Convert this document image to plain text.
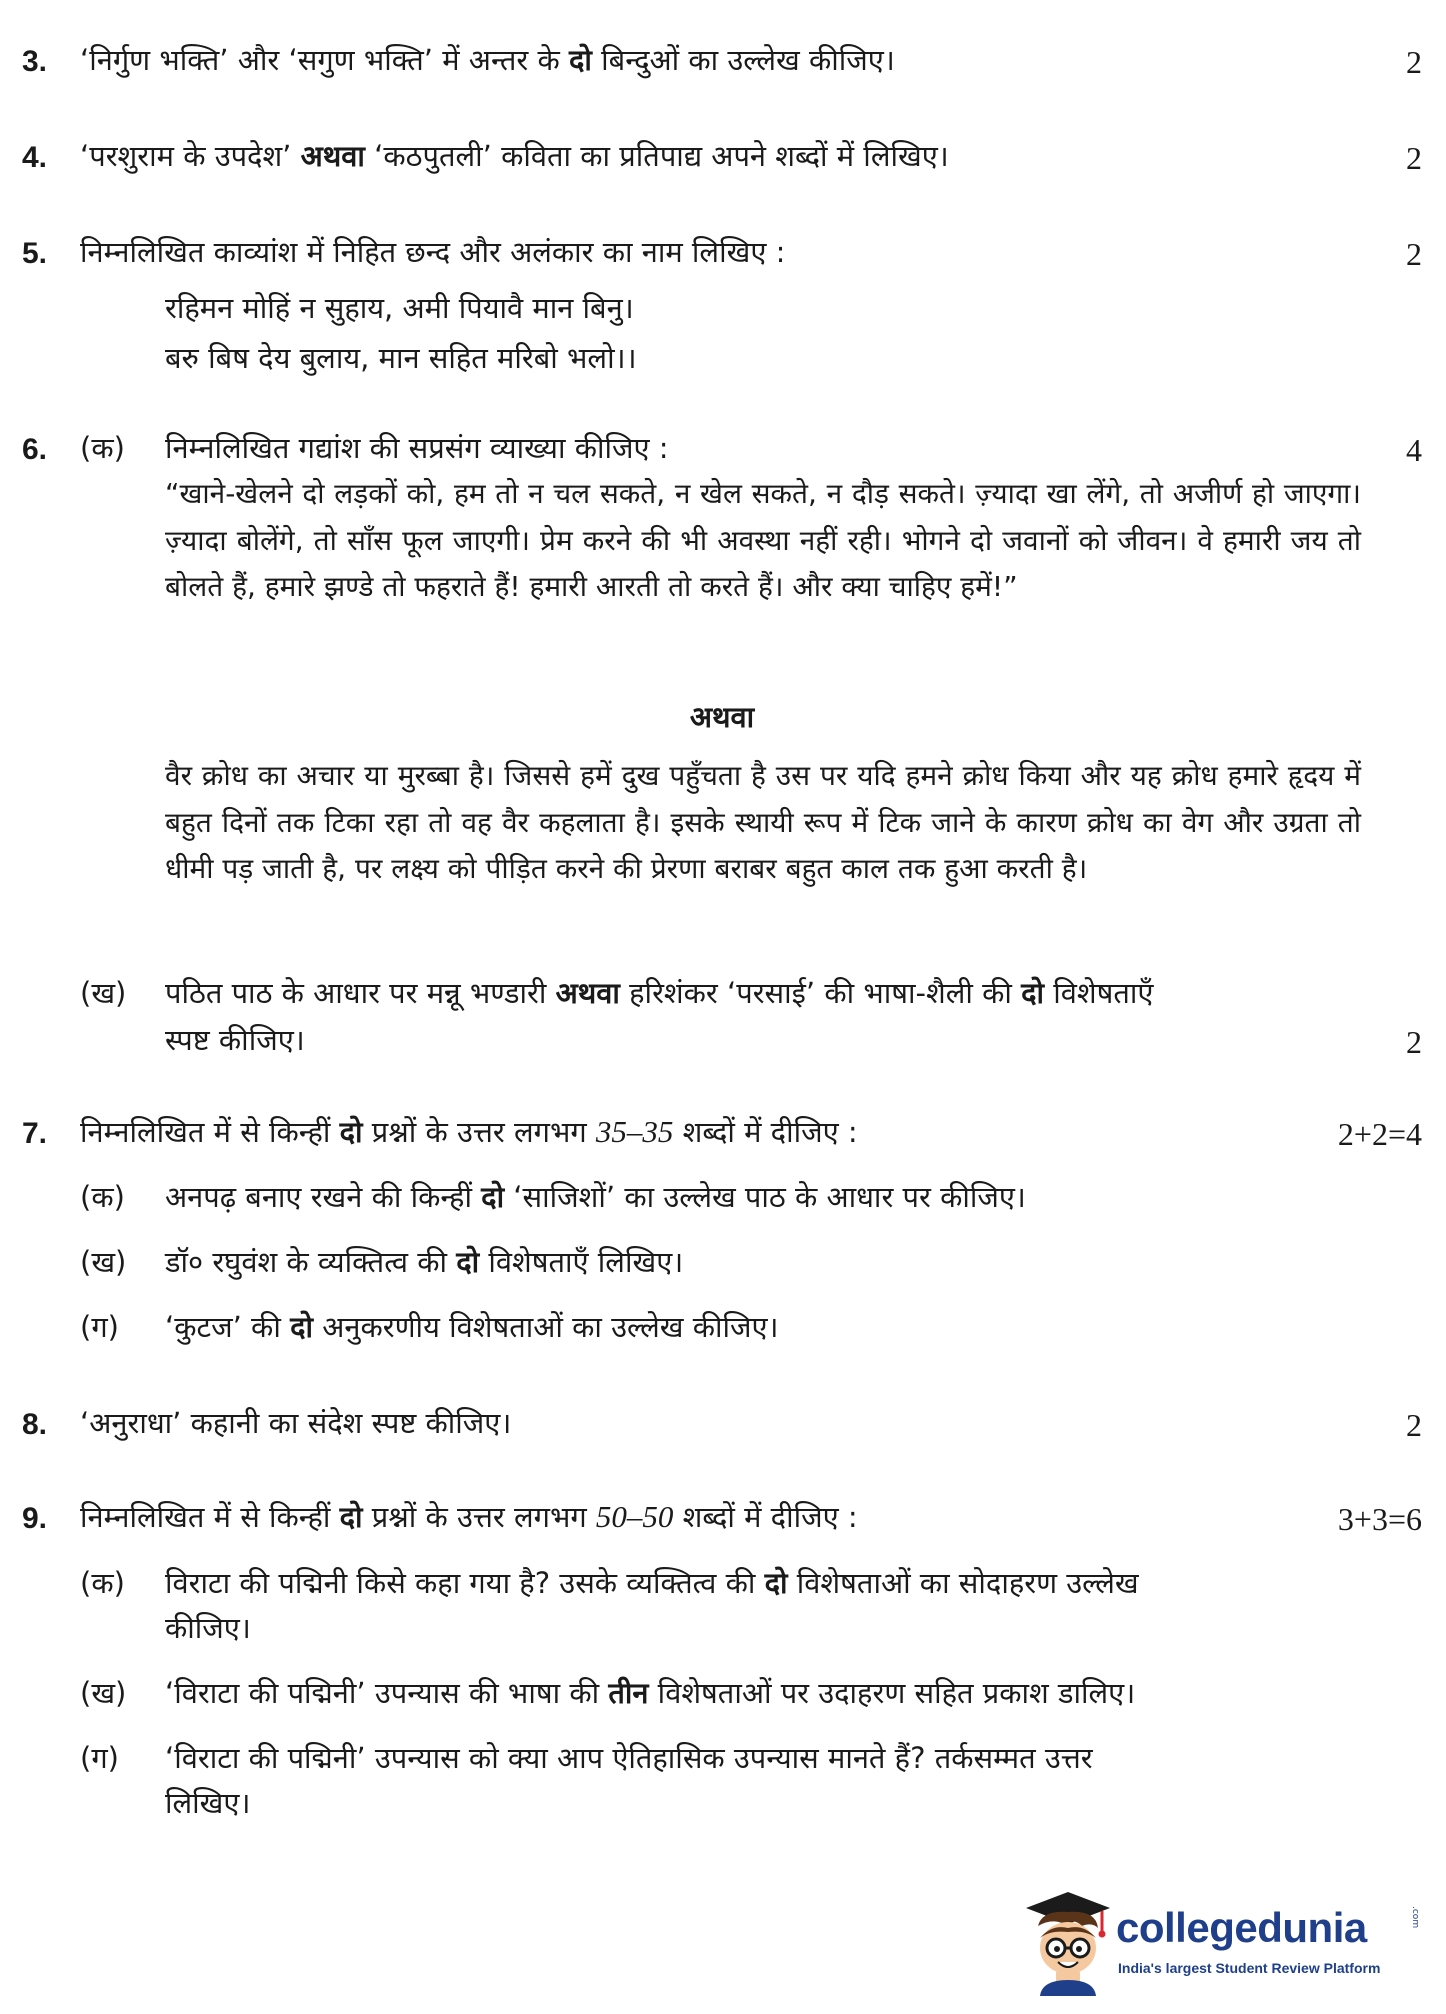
3. ‘निर्गुण भक्ति’ और ‘सगुण भक्ति’ में अन्तर के दो बिन्दुओं का उल्लेख कीजिए।	2
4. ‘परशुराम के उपदेश’ अथवा ‘कठपुतली’ कविता का प्रतिपाद्य अपने शब्दों में लिखिए।	2
5. निम्नलिखित काव्यांश में निहित छन्द और अलंकार का नाम लिखिए :	2
रहिमन मोहिं न सुहाय, अमी पियावै मान बिनु।
बरु बिष देय बुलाय, मान सहित मरिबो भलो।।
6. (क) निम्नलिखित गद्यांश की सप्रसंग व्याख्या कीजिए :	4
“खाने-खेलने दो लड़कों को, हम तो न चल सकते, न खेल सकते, न दौड़ सकते। ज़्यादा खा लेंगे, तो अजीर्ण हो जाएगा। ज़्यादा बोलेंगे, तो साँस फूल जाएगी। प्रेम करने की भी अवस्था नहीं रही। भोगने दो जवानों को जीवन। वे हमारी जय तो बोलते हैं, हमारे झण्डे तो फहराते हैं! हमारी आरती तो करते हैं। और क्या चाहिए हमें!”
अथवा
वैर क्रोध का अचार या मुरब्बा है। जिससे हमें दुख पहुँचता है उस पर यदि हमने क्रोध किया और यह क्रोध हमारे हृदय में बहुत दिनों तक टिका रहा तो वह वैर कहलाता है। इसके स्थायी रूप में टिक जाने के कारण क्रोध का वेग और उग्रता तो धीमी पड़ जाती है, पर लक्ष्य को पीड़ित करने की प्रेरणा बराबर बहुत काल तक हुआ करती है।
(ख) पठित पाठ के आधार पर मन्नू भण्डारी अथवा हरिशंकर ‘परसाई’ की भाषा-शैली की दो विशेषताएँ
स्पष्ट कीजिए।	2
7. निम्नलिखित में से किन्हीं दो प्रश्नों के उत्तर लगभग 35–35 शब्दों में दीजिए :	2+2=4
(क) अनपढ़ बनाए रखने की किन्हीं दो ‘साजिशों’ का उल्लेख पाठ के आधार पर कीजिए।
(ख) डॉ० रघुवंश के व्यक्तित्व की दो विशेषताएँ लिखिए।
(ग) ‘कुटज’ की दो अनुकरणीय विशेषताओं का उल्लेख कीजिए।
8. ‘अनुराधा’ कहानी का संदेश स्पष्ट कीजिए।	2
9. निम्नलिखित में से किन्हीं दो प्रश्नों के उत्तर लगभग 50–50 शब्दों में दीजिए :	3+3=6
(क) विराटा की पद्मिनी किसे कहा गया है? उसके व्यक्तित्व की दो विशेषताओं का सोदाहरण उल्लेख
कीजिए।
(ख) ‘विराटा की पद्मिनी’ उपन्यास की भाषा की तीन विशेषताओं पर उदाहरण सहित प्रकाश डालिए।
(ग) ‘विराटा की पद्मिनी’ उपन्यास को क्या आप ऐतिहासिक उपन्यास मानते हैं? तर्कसम्मत उत्तर
लिखिए।
collegedunia	.com
India's largest Student Review Platform
